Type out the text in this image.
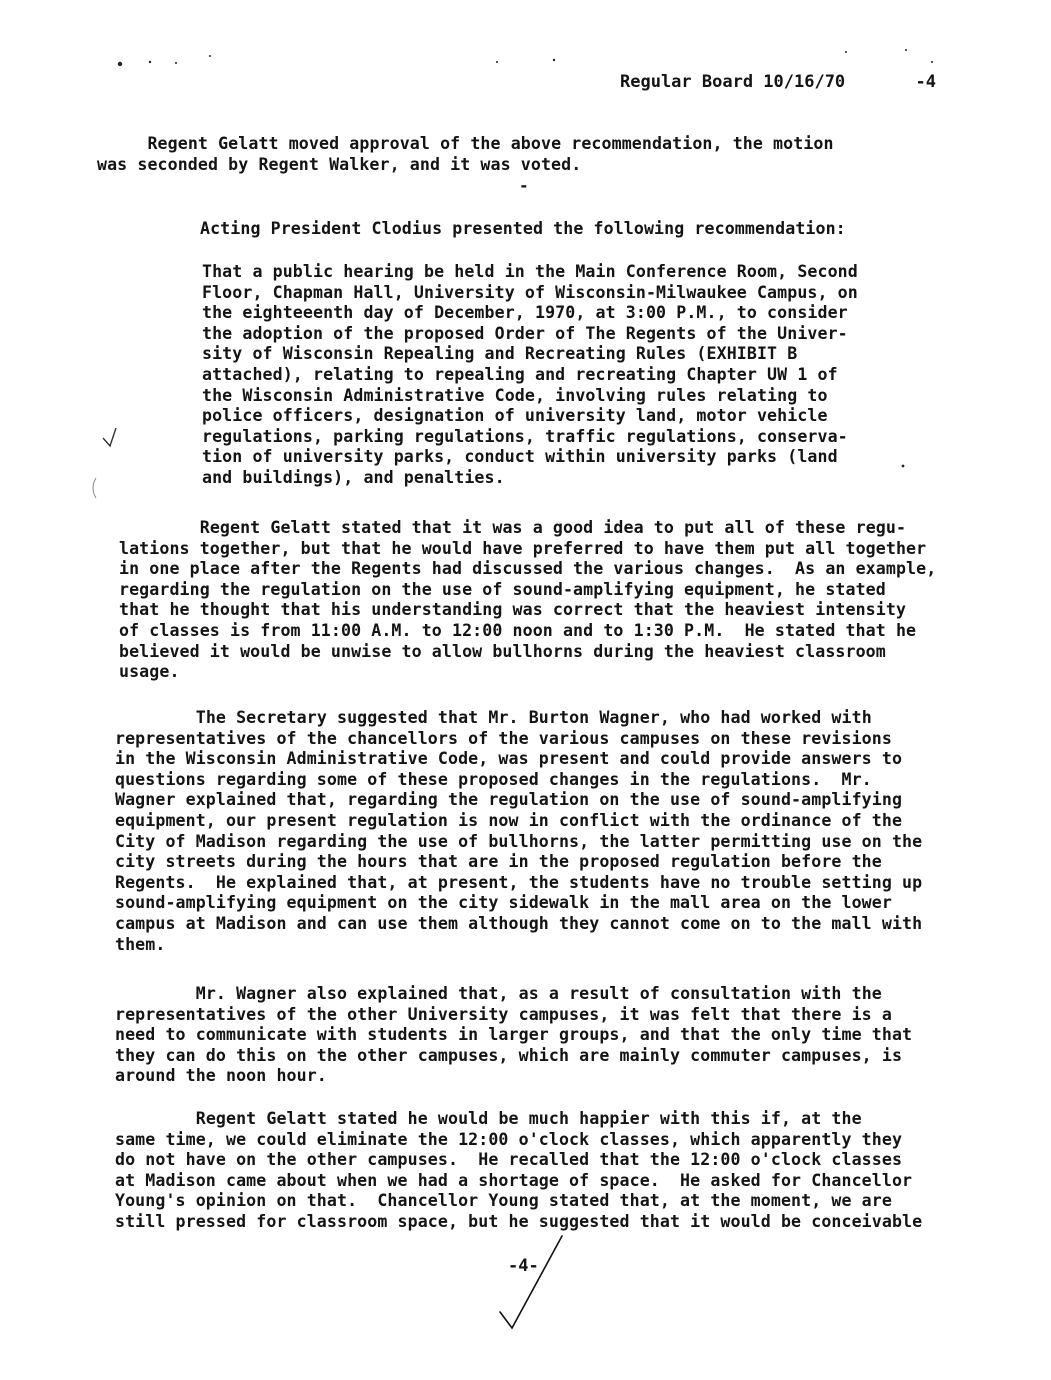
Regular Board 10/16/70	-4

Regent Gelatt moved approval of the above recommendation, the motion
was seconded by Regent Walker, and it was voted.

-

Acting President Clodius presented the following recommendation:

That a public hearing be held in the Main Conference Room, Second
Floor, Chapman Hall, University of Wisconsin-Milwaukee Campus, on
the eighteeenth day of December, 1970, at 3:00 P.M., to consider
the adoption of the proposed Order of The Regents of the Univer-
sity of Wisconsin Repealing and Recreating Rules (EXHIBIT B
attached), relating to repealing and recreating Chapter UW 1 of
the Wisconsin Administrative Code, involving rules relating to
police officers, designation of university land, motor vehicle
regulations, parking regulations, traffic regulations, conserva-
tion of university parks, conduct within university parks (land
and buildings), and penalties.

Regent Gelatt stated that it was a good idea to put all of these regu-
lations together, but that he would have preferred to have them put all together
in one place after the Regents had discussed the various changes.  As an example,
regarding the regulation on the use of sound-amplifying equipment, he stated
that he thought that his understanding was correct that the heaviest intensity
of classes is from 11:00 A.M. to 12:00 noon and to 1:30 P.M.  He stated that he
believed it would be unwise to allow bullhorns during the heaviest classroom
usage.

The Secretary suggested that Mr. Burton Wagner, who had worked with
representatives of the chancellors of the various campuses on these revisions
in the Wisconsin Administrative Code, was present and could provide answers to
questions regarding some of these proposed changes in the regulations.  Mr.
Wagner explained that, regarding the regulation on the use of sound-amplifying
equipment, our present regulation is now in conflict with the ordinance of the
City of Madison regarding the use of bullhorns, the latter permitting use on the
city streets during the hours that are in the proposed regulation before the
Regents.  He explained that, at present, the students have no trouble setting up
sound-amplifying equipment on the city sidewalk in the mall area on the lower
campus at Madison and can use them although they cannot come on to the mall with
them.

Mr. Wagner also explained that, as a result of consultation with the
representatives of the other University campuses, it was felt that there is a
need to communicate with students in larger groups, and that the only time that
they can do this on the other campuses, which are mainly commuter campuses, is
around the noon hour.

Regent Gelatt stated he would be much happier with this if, at the
same time, we could eliminate the 12:00 o'clock classes, which apparently they
do not have on the other campuses.  He recalled that the 12:00 o'clock classes
at Madison came about when we had a shortage of space.  He asked for Chancellor
Young's opinion on that.  Chancellor Young stated that, at the moment, we are
still pressed for classroom space, but he suggested that it would be conceivable

-4-
